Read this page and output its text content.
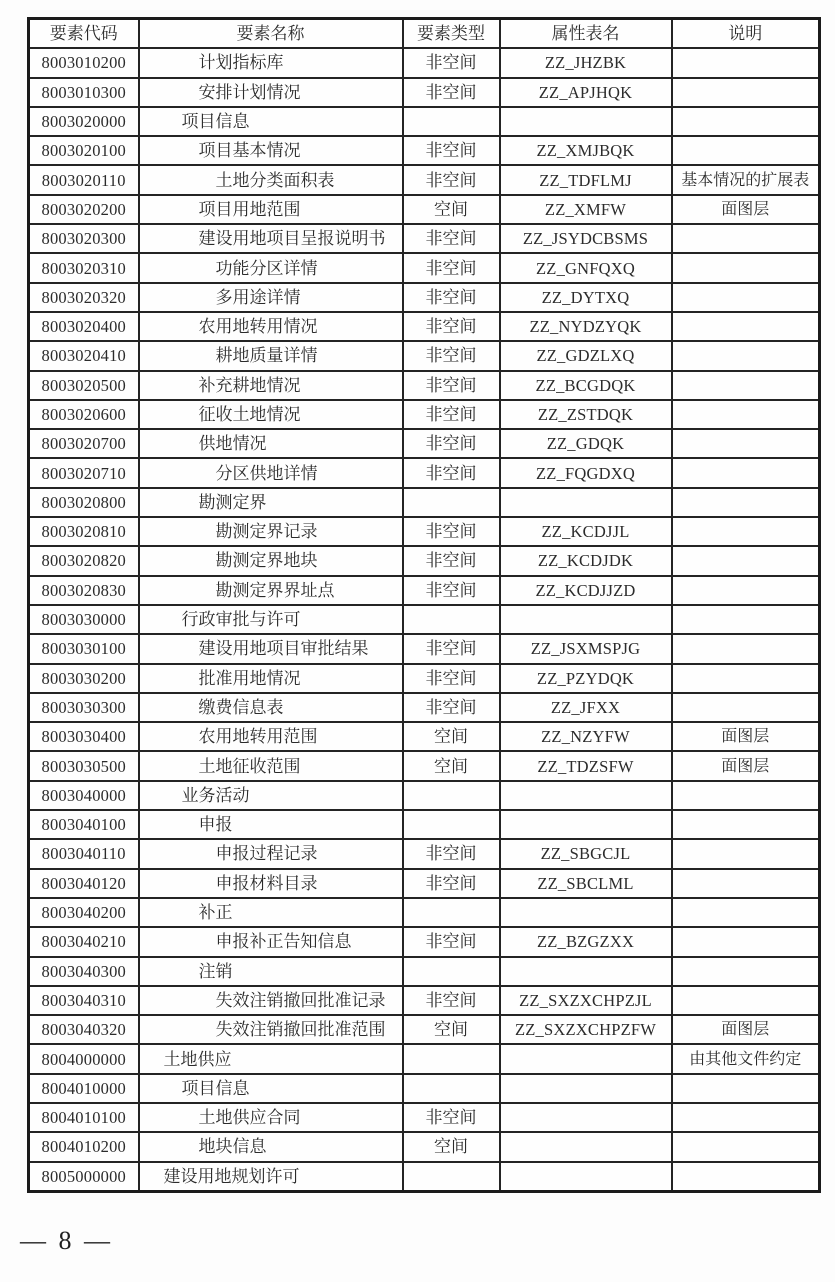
要素代码	要素名称	要素类型	属性表名	说明
8003010200	计划指标库	非空间	ZZ_JHZBK	
8003010300	安排计划情况	非空间	ZZ_APJHQK	
8003020000	项目信息			
8003020100	项目基本情况	非空间	ZZ_XMJBQK	
8003020110	土地分类面积表	非空间	ZZ_TDFLMJ	基本情况的扩展表
8003020200	项目用地范围	空间	ZZ_XMFW	面图层
8003020300	建设用地项目呈报说明书	非空间	ZZ_JSYDCBSMS	
8003020310	功能分区详情	非空间	ZZ_GNFQXQ	
8003020320	多用途详情	非空间	ZZ_DYTXQ	
8003020400	农用地转用情况	非空间	ZZ_NYDZYQK	
8003020410	耕地质量详情	非空间	ZZ_GDZLXQ	
8003020500	补充耕地情况	非空间	ZZ_BCGDQK	
8003020600	征收土地情况	非空间	ZZ_ZSTDQK	
8003020700	供地情况	非空间	ZZ_GDQK	
8003020710	分区供地详情	非空间	ZZ_FQGDXQ	
8003020800	勘测定界			
8003020810	勘测定界记录	非空间	ZZ_KCDJJL	
8003020820	勘测定界地块	非空间	ZZ_KCDJDK	
8003020830	勘测定界界址点	非空间	ZZ_KCDJJZD	
8003030000	行政审批与许可			
8003030100	建设用地项目审批结果	非空间	ZZ_JSXMSPJG	
8003030200	批准用地情况	非空间	ZZ_PZYDQK	
8003030300	缴费信息表	非空间	ZZ_JFXX	
8003030400	农用地转用范围	空间	ZZ_NZYFW	面图层
8003030500	土地征收范围	空间	ZZ_TDZSFW	面图层
8003040000	业务活动			
8003040100	申报			
8003040110	申报过程记录	非空间	ZZ_SBGCJL	
8003040120	申报材料目录	非空间	ZZ_SBCLML	
8003040200	补正			
8003040210	申报补正告知信息	非空间	ZZ_BZGZXX	
8003040300	注销			
8003040310	失效注销撤回批准记录	非空间	ZZ_SXZXCHPZJL	
8003040320	失效注销撤回批准范围	空间	ZZ_SXZXCHPZFW	面图层
8004000000	土地供应			由其他文件约定
8004010000	项目信息			
8004010100	土地供应合同	非空间		
8004010200	地块信息	空间		
8005000000	建设用地规划许可			
— 8 —
